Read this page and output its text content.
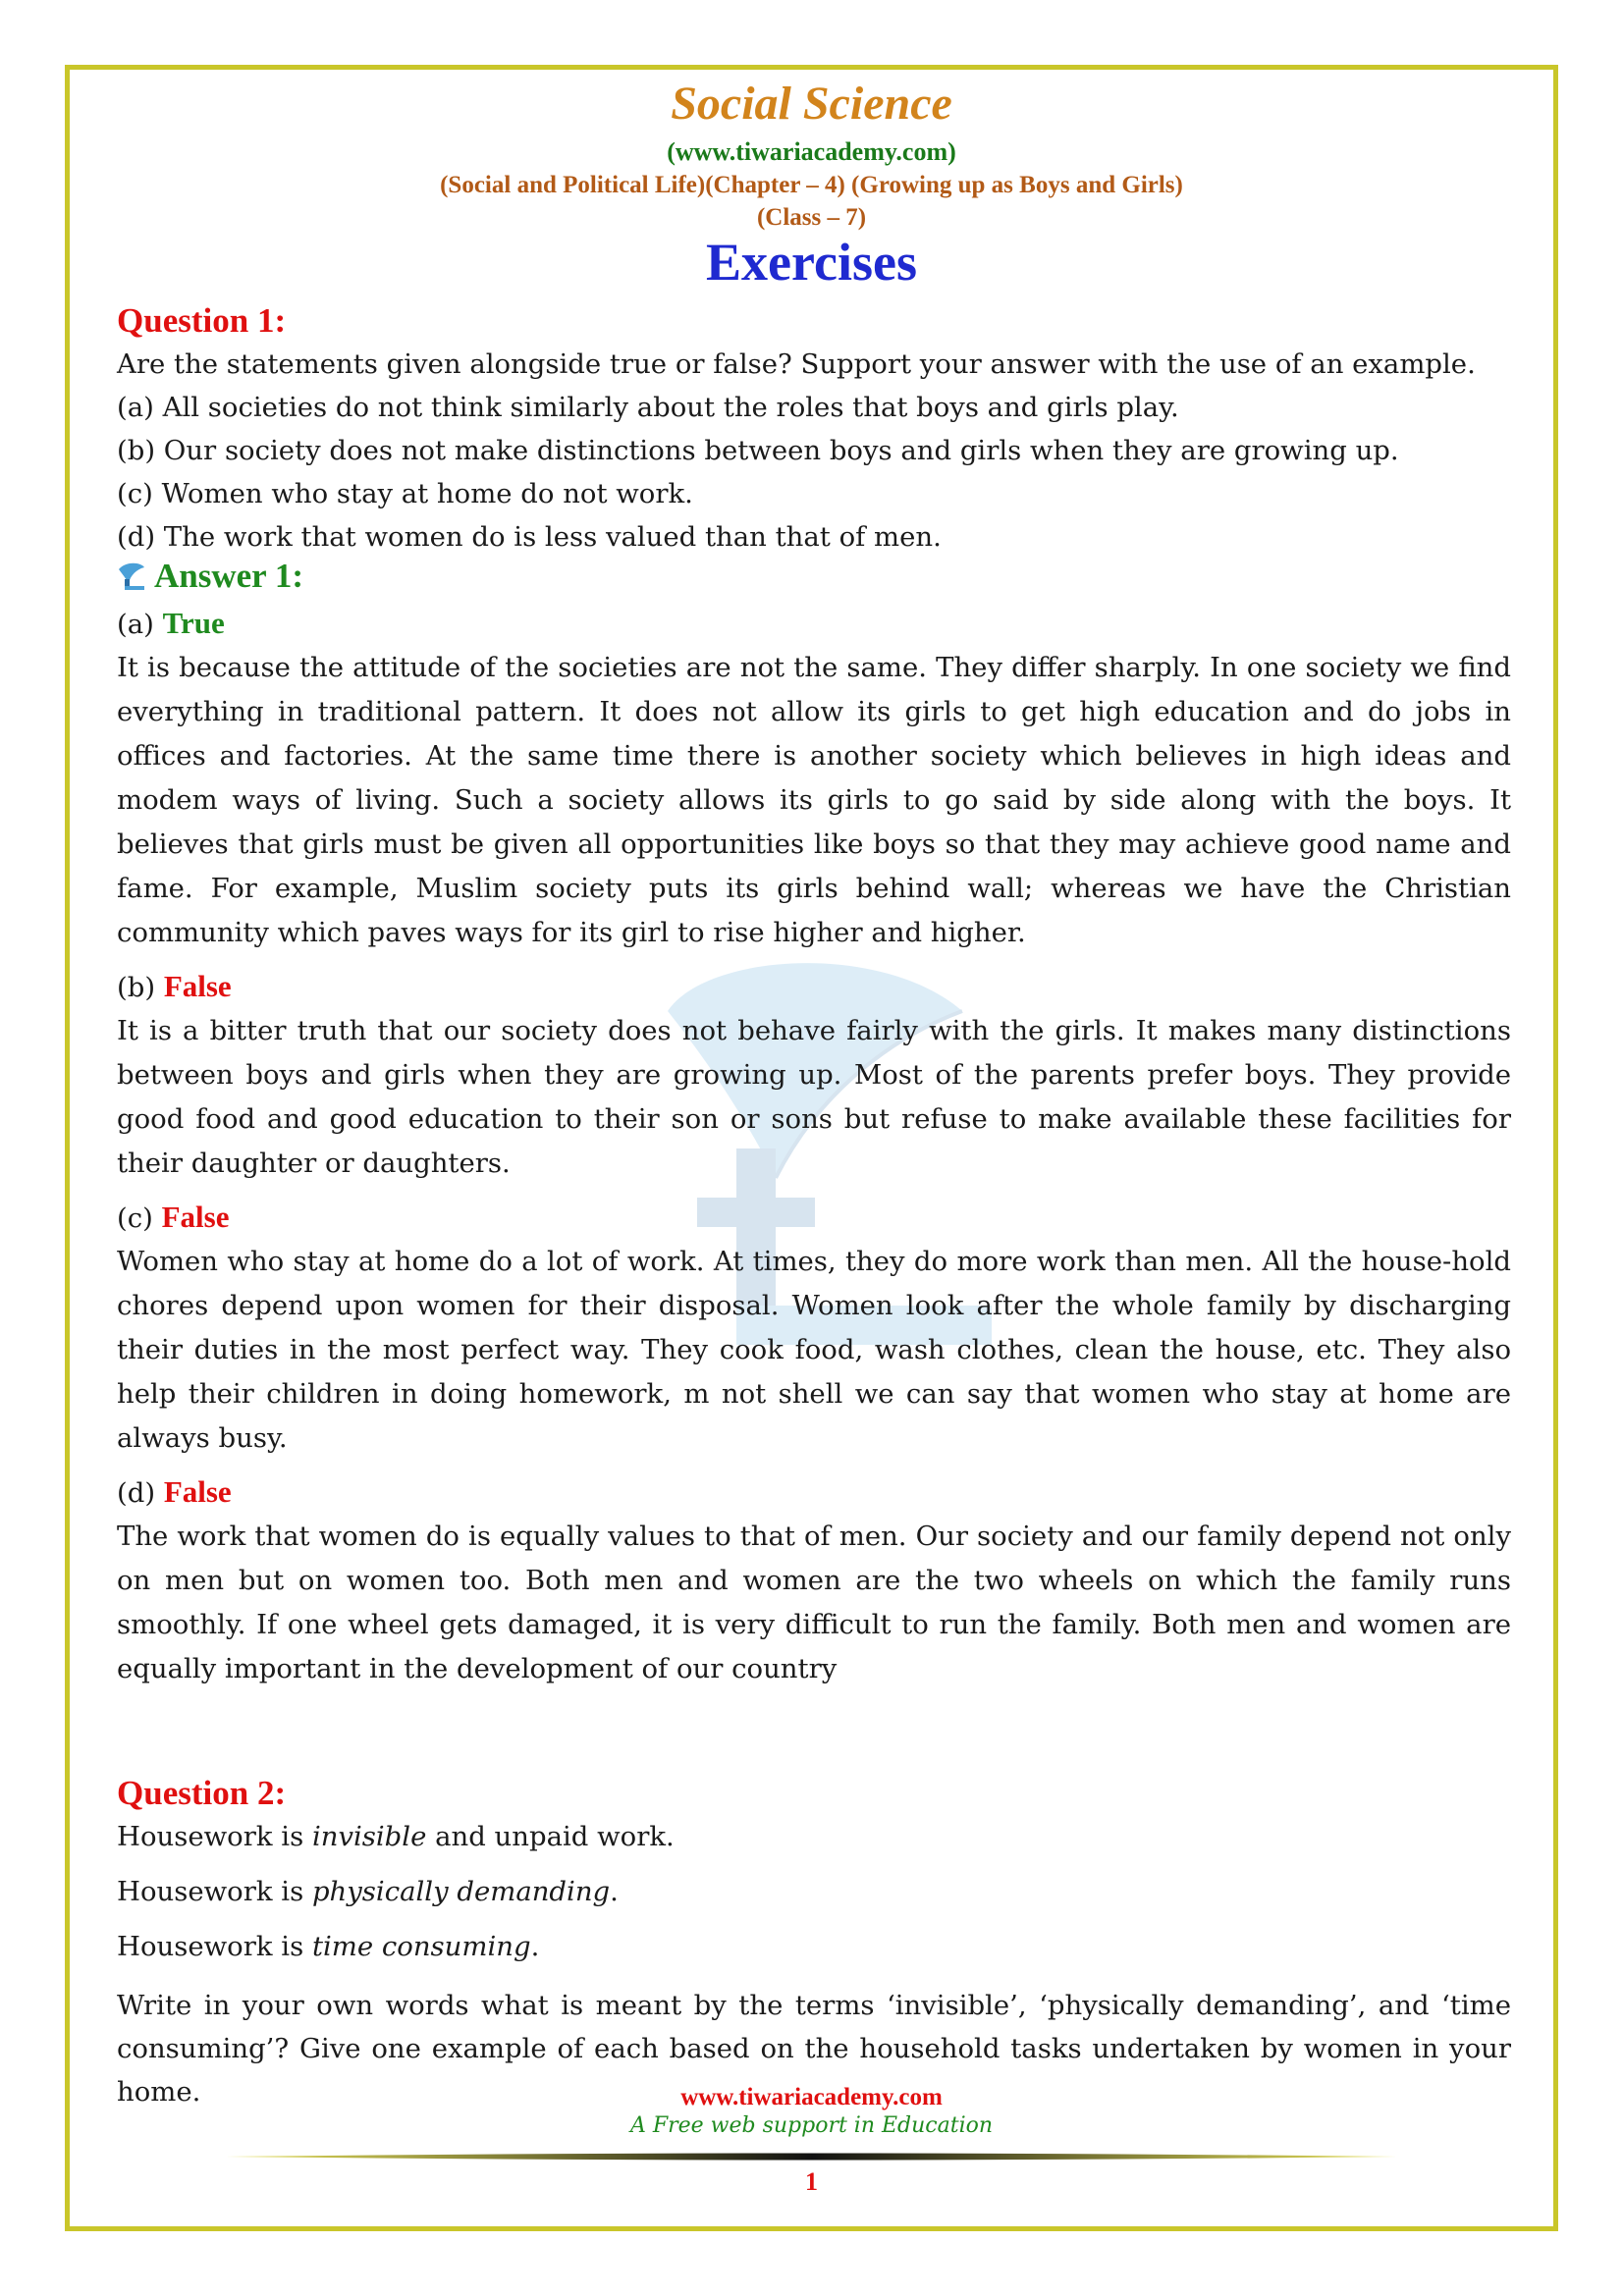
Social Science
(www.tiwariacademy.com)
(Social and Political Life)(Chapter – 4) (Growing up as Boys and Girls)
(Class – 7)
Exercises
Question 1:

Are the statements given alongside true or false? Support your answer with the use of an example.

(a) All societies do not think similarly about the roles that boys and girls play.

(b) Our society does not make distinctions between boys and girls when they are growing up.

(c) Women who stay at home do not work.

(d) The work that women do is less valued than that of men.

Answer 1:

(a) True

It is because the attitude of the societies are not the same. They differ sharply. In one society we find everything in traditional pattern. It does not allow its girls to get high education and do jobs in offices and factories. At the same time there is another society which believes in high ideas and modem ways of living. Such a society allows its girls to go said by side along with the boys. It believes that girls must be given all opportunities like boys so that they may achieve good name and fame. For example, Muslim society puts its girls behind wall; whereas we have the Christian community which paves ways for its girl to rise higher and higher.

(b) False

It is a bitter truth that our society does not behave fairly with the girls. It makes many distinctions between boys and girls when they are growing up. Most of the parents prefer boys. They provide good food and good education to their son or sons but refuse to make available these facilities for their daughter or daughters.

(c) False

Women who stay at home do a lot of work. At times, they do more work than men. All the house-hold chores depend upon women for their disposal. Women look after the whole family by discharging their duties in the most perfect way. They cook food, wash clothes, clean the house, etc. They also help their children in doing homework, m not shell we can say that women who stay at home are always busy.

(d) False

The work that women do is equally values to that of men. Our society and our family depend not only on men but on women too. Both men and women are the two wheels on which the family runs smoothly. If one wheel gets damaged, it is very difficult to run the family. Both men and women are equally important in the development of our country

Question 2:

Housework is invisible and unpaid work.

Housework is physically demanding.

Housework is time consuming.

Write in your own words what is meant by the terms ‘invisible’, ‘physically demanding’, and ‘time consuming’? Give one example of each based on the household tasks undertaken by women in your home.	www.tiwariacademy.com
A Free web support in Education
1
